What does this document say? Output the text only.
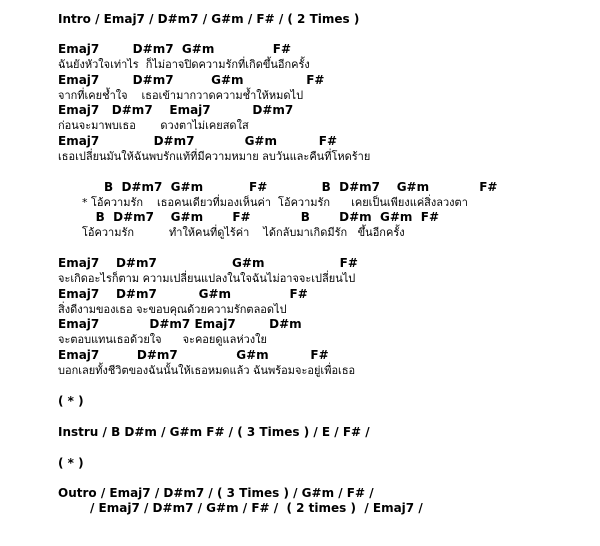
Intro / Emaj7 / D#m7 / G#m / F# / ( 2 Times )
Emaj7        D#m7  G#m              F#
ฉันยังหัวใจเท่าไร  ก็ไม่อาจปิดความรักที่เกิดขึ้นอีกครั้ง
Emaj7        D#m7         G#m               F#
จากที่เคยช้ำใจ    เธอเข้ามากวาดความช้ำให้หมดไป
Emaj7   D#m7    Emaj7          D#m7
ก่อนจะมาพบเธอ       ดวงตาไม่เคยสดใส
Emaj7             D#m7            G#m          F#
เธอเปลี่ยนมันให้ฉันพบรักแท้ที่มีความหมาย ลบวันและคืนที่โหดร้าย
B  D#m7  G#m           F#             B  D#m7    G#m            F#
* โอ้ความรัก    เธอคนเดียวที่มองเห็นค่า  โอ้ความรัก      เคยเป็นเพียงแค่สิ่งลวงตา
B  D#m7    G#m       F#            B       D#m  G#m  F#
โอ้ความรัก          ทำให้คนที่ดูไร้ค่า    ได้กลับมาเกิดมีรัก   ขึ้นอีกครั้ง
Emaj7    D#m7                  G#m                  F#
จะเกิดอะไรก็ตาม ความเปลี่ยนแปลงในใจฉันไม่อาจจะเปลี่ยนไป
Emaj7    D#m7          G#m              F#
สิ่งดีงามของเธอ จะขอบคุณด้วยความรักตลอดไป
Emaj7            D#m7 Emaj7        D#m
จะตอบแทนเธอด้วยใจ      จะคอยดูแลห่วงใย
Emaj7         D#m7              G#m          F#
บอกเลยทั้งชีวิตของฉันนั้นให้เธอหมดแล้ว ฉันพร้อมจะอยู่เพื่อเธอ
( * )
Instru / B D#m / G#m F# / ( 3 Times ) / E / F# /
( * )
Outro / Emaj7 / D#m7 / ( 3 Times ) / G#m / F# /
/ Emaj7 / D#m7 / G#m / F# /  ( 2 times )  / Emaj7 /
